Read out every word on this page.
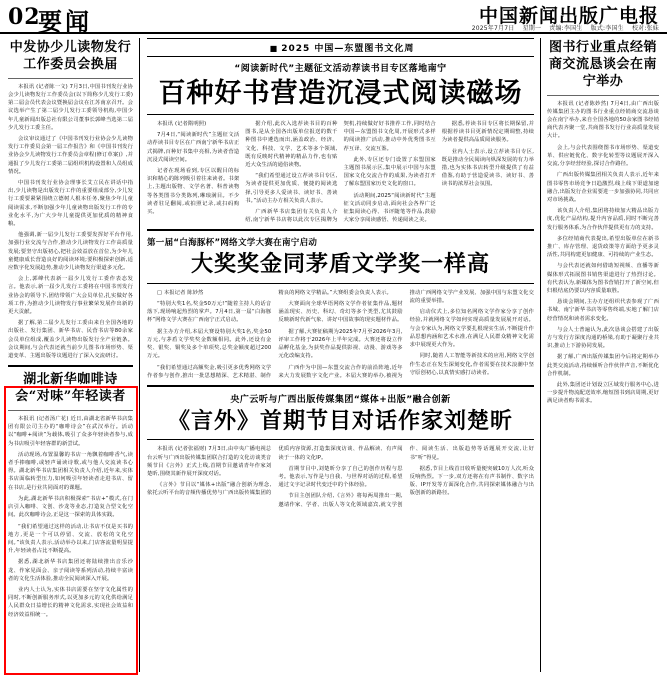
02
要闻	中国新闻出版广电报
2025年7月7日 星期一 责编:李国生 版式:李国生 校对:张妹
中发协少儿读物发行工作委员会换届

本报讯 (记者陈一文) 7月3日,中国书刊发行业协会少儿读物发行工作委员会(以下简称少儿发行工委)第二届会员代表会议暨换届会议在江苏南京召开。会议选举产生了第二届少儿发行工委领导机构,中国少年儿童新闻出版总社有限公司董事长郭峰当选第二届少儿发行工委主任。

会议审议通过了《中国书刊发行业协会少儿读物发行工作委员会第一届工作报告》和《中国书刊发行业协会少儿读物发行工作委员会章程(修订草案)》,并通报了少儿发行工委第二届组织机构设置和人员组成情况。

中国书刊发行业协会理事长艾立民在讲话中指出,少儿读物是出版发行工作的重要组成部分,少儿发行工委要紧紧围绕立德树人根本任务,聚焦少年儿童阅读需求,不断加强少年儿童读物出版发行工作的专业化水平,为广大少年儿童提供更加优质的精神食粮。

他强调,新一届少儿发行工委要发挥好平台作用,加强行业交流与合作,推动少儿读物发行工作高质量发展;要坚守出版初心,把社会效益放在首位,为少年儿童健康成长营造良好的阅读环境;要积极探索创新,适应数字化发展趋势,推动少儿读物发行渠道多元化。

会上,郭峰代表新一届少儿发行工委作表态发言。他表示,新一届少儿发行工委将在中国书刊发行业协会的领导下,团结带领广大会员单位,扎实做好各项工作,为推动少儿读物发行事业繁荣发展作出新的更大贡献。

据了解,第二届少儿发行工委由来自全国各地的出版社、发行集团、新华书店、民营书店等80余家会员单位组成,覆盖少儿读物出版发行全产业链条。会议期间,与会代表还就当前少儿图书市场形势、渠道变革、主题出版等议题进行了深入交流研讨。

湖北新华咖啡诗会“对味”年轻读者

本报讯 (记者汤广花) 近日,由湖北省新华书店集团有限公司主办的“咖啡诗会”在武汉举行。活动以“咖啡+阅读”为载体,吸引了众多年轻读者参与,成为书店吸引年轻客群的新尝试。

活动现场,布置温馨的书店一角飘着咖啡香气,读者手捧咖啡,或轻声诵读诗歌,或与他人交流读书心得。湖北新华书店集团相关负责人介绍,近年来,实体书店面临转型压力,如何吸引年轻读者走进书店、留在书店,是行业共同面对的课题。

为此,湖北新华书店积极探索“书店+”模式,在门店引入咖啡、文创、沙龙等业态,打造复合型文化空间。此次咖啡诗会,正是这一探索的具体实践。

“我们希望通过这样的活动,让书店不仅是买书的地方,更是一个可以停留、交流、放松的文化空间。”该负责人表示,活动举办以来,门店客流量明显提升,年轻读者占比不断提高。

据悉,湖北新华书店集团还将陆续推出音乐沙龙、作家见面会、亲子阅读等系列活动,持续丰富读者的文化生活体验,推动全民阅读深入开展。

业内人士认为,实体书店需要在坚守文化属性的同时,不断创新服务形式,以更加多元的文化供给满足人民群众日益增长的精神文化需求,实现社会效益和经济效益相统一。

■ 2025 中国—东盟图书文化周
“阅读新时代”主题征文活动荐读书目专区落地南宁
百种好书营造沉浸式阅读磁场

本报讯 (记者隋明照)

7月4日,“阅读新时代”主题征文活动荐读书目专区在广西南宁新华书店正式揭牌,百种好书集中亮相,为读者营造沉浸式阅读空间。

记者在现场看到,专区以醒目的标识和精心的陈列吸引着往来读者。书架上,主题出版物、文学名著、科普读物等各类图书分类陈列,琳琅满目。不少读者驻足翻阅,或拍照记录,或扫码购买。

据介绍,此次入选荐读书目的百种图书,是从全国各出版单位报送的数千种图书中遴选而出,涵盖政治、经济、文化、科技、文学、艺术等多个领域,既有反映时代精神的精品力作,也有贴近大众生活的通俗读物。

“我们希望通过设立荐读书目专区,为读者提供更加优质、便捷的阅读选择,引导更多人爱读书、读好书、善读书。”活动主办方相关负责人表示。

广西新华书店集团有关负责人介绍,南宁新华书店将以此次专区揭牌为契机,持续做好好书推荐工作,同时结合中国—东盟图书文化周,开展形式多样的阅读推广活动,推动中外优秀图书互荐互译、交流互鉴。

此外,专区还专门设置了东盟国家主题图书展示区,集中展示中国与东盟国家文化交流合作的成果,为读者打开了解东盟国家历史文化的窗口。

活动期间,2025“阅读新时代”主题征文活动同步启动,面向社会各界广泛征集阅读心得、书评随笔等作品,鼓励大家分享阅读感悟、传递阅读之美。

据悉,荐读书目专区将长期保留,并根据荐读书目更新情况定期调整,持续为读者提供高品质阅读服务。

业内人士表示,设立荐读书目专区,既是推动全民阅读向纵深发展的有力举措,也为实体书店转型升级提供了有益借鉴,有助于营造爱读书、读好书、善读书的浓厚社会氛围。

第一届“白海豚杯”网络文学大赛在南宁启动
大奖奖金同茅盾文学奖一样高

□ 本报记者 陈妙然

“特别大奖1名,奖金50万元!”随着主持人的话音落下,现场响起热烈的掌声。7月4日,第一届“白海豚杯”网络文学大赛在广西南宁正式启动。

据主办方介绍,本届大赛设特别大奖1名,奖金50万元,与茅盾文学奖奖金数额相同。此外,还设有金奖、银奖、铜奖及多个单项奖,总奖金额度超过200万元。

“我们希望通过高额奖金,吸引更多优秀网络文学作者参与创作,推出一批思想精深、艺术精湛、制作精良的网络文学精品。”大赛组委会负责人表示。

大赛面向全球华语网络文学作者征集作品,题材涵盖现实、历史、科幻、奇幻等多个类型,尤其鼓励反映新时代新气象、讲好中国故事的现实题材作品。

据了解,大赛征稿期为2025年7月至2026年3月,评审工作将于2026年上半年完成。大赛还将设立作品孵化基金,为获奖作品提供影视、动漫、游戏等多元化改编支持。

广西作为中国—东盟交流合作的前沿阵地,近年来大力发展数字文化产业。本届大赛的举办,被视为推动广西网络文学产业发展、加强中国与东盟文化交流的重要举措。

启动仪式上,多位知名网络文学作家分享了创作经验,并就网络文学如何实现高质量发展展开对话。与会专家认为,网络文学要扎根现实生活,不断提升作品思想内涵和艺术水准,在满足人民群众精神文化需求中展现更大作为。

同时,随着人工智能等新技术的应用,网络文学创作生态正在发生深刻变化,作者需要在技术浪潮中坚守原创初心,以真情实感打动读者。

央广云听与广西出版传媒集团“媒体+出版”融合创新
《言外》首期节目对话作家刘楚昕

本报讯 (记者张福财) 7月3日,由中央广播电视总台云听与广西出版传媒集团联合打造的文化访谈类音频节目《言外》正式上线,首期节目邀请青年作家刘楚昕,围绕其新作展开深度对话。

《言外》节目以“媒体+出版”融合创新为理念,依托云听平台的音频传播优势与广西出版传媒集团的优质内容资源,打造集深度访谈、作品解读、有声阅读于一体的文化IP。

首期节目中,刘楚昕分享了自己的创作历程与思考。他表示,写作是与自我、与世界对话的过程,希望通过文字记录时代变迁中的个体经验。

节目主创团队介绍,《言外》将每两周推出一期,邀请作家、学者、出版人等文化领域嘉宾,就文学创作、阅读生活、出版趋势等话题展开交流,让好书“听”得见。

据悉,节目上线首日收听量便突破10万人次,听众反响热烈。下一步,双方还将在有声书制作、数字出版、IP开发等方面深化合作,共同探索媒体融合与出版创新的新路径。

图书行业重点经销商交流恳谈会在南宁举办

本报讯 (记者陈妙然) 7月4日,由广西出版传媒集团主办的图书行业重点经销商交流恳谈会在南宁举办,来自全国各地的50余家图书经销商代表齐聚一堂,共商图书发行行业高质量发展大计。

会上,与会代表围绕图书市场形势、渠道变革、供应链优化、数字化转型等议题展开深入交流,分享经营经验,探讨合作路径。

广西出版传媒集团相关负责人表示,近年来图书零售市场竞争日趋激烈,线上线下渠道加速融合,出版发行企业需要进一步加强协同,共同应对市场挑战。

该负责人介绍,集团将持续加大精品出版力度,优化产品结构,提升内容品质,同时不断完善发行服务体系,为合作伙伴提供更有力的支持。

多位经销商代表提出,希望出版单位在新书推广、库存管理、退货政策等方面给予更多灵活性,共同构建更加健康、可持续的产业生态。

与会代表还就如何借助短视频、直播等新媒体形式拓展图书销售渠道进行了热烈讨论。有代表认为,新媒体为图书营销打开了新空间,但归根结底仍要以内容质量取胜。

恳谈会期间,主办方还组织代表参观了广西书城、南宁新华书店等零售终端,实地了解门店经营情况和读者需求变化。

与会人士普遍认为,此次恳谈会搭建了出版方与发行方深度沟通的桥梁,有助于凝聚行业共识,推动上下游协同发展。

据了解,广西出版传媒集团今后将定期举办此类交流活动,持续倾听合作伙伴声音,不断优化合作机制。

此外,集团还计划设立区域发行服务中心,进一步提升物流配送效率,缩短图书到店周期,更好满足读者购书需求。
